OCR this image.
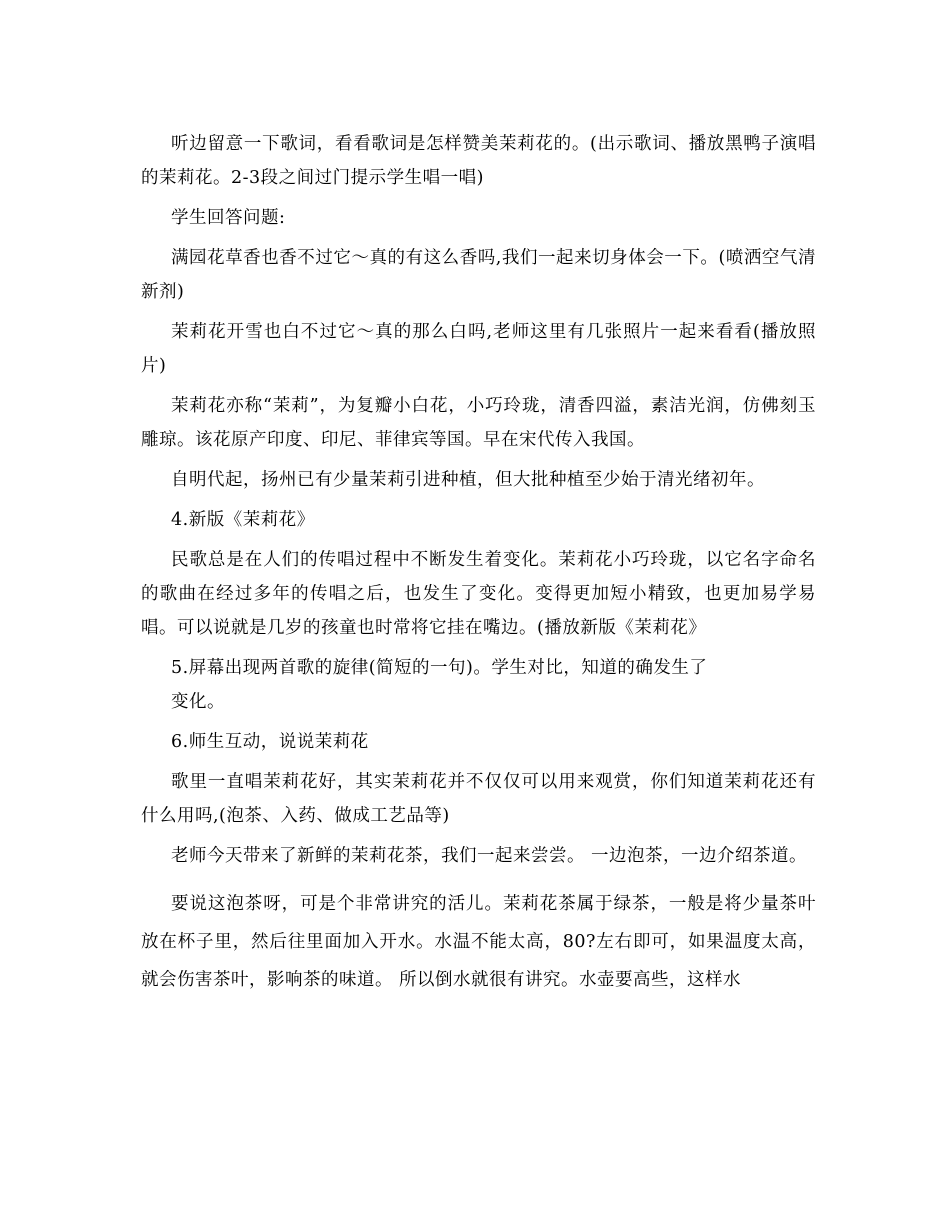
听边留意一下歌词，看看歌词是怎样赞美茉莉花的。(出示歌词、播放黑鸭子演唱的茉莉花。2-3段之间过门提示学生唱一唱)

学生回答问题:

满园花草香也香不过它～真的有这么香吗,我们一起来切身体会一下。(喷洒空气清新剂)

茉莉花开雪也白不过它～真的那么白吗,老师这里有几张照片一起来看看(播放照片)

茉莉花亦称“茉莉”，为复瓣小白花，小巧玲珑，清香四溢，素洁光润，仿佛刻玉雕琼。该花原产印度、印尼、菲律宾等国。早在宋代传入我国。

自明代起，扬州已有少量茉莉引进种植，但大批种植至少始于清光绪初年。

4.新版《茉莉花》

民歌总是在人们的传唱过程中不断发生着变化。茉莉花小巧玲珑，以它名字命名的歌曲在经过多年的传唱之后，也发生了变化。变得更加短小精致，也更加易学易唱。可以说就是几岁的孩童也时常将它挂在嘴边。(播放新版《茉莉花》

5.屏幕出现两首歌的旋律(简短的一句)。学生对比，知道的确发生了

变化。

6.师生互动，说说茉莉花

歌里一直唱茉莉花好，其实茉莉花并不仅仅可以用来观赏，你们知道茉莉花还有什么用吗,(泡茶、入药、做成工艺品等)

老师今天带来了新鲜的茉莉花茶，我们一起来尝尝。 一边泡茶，一边介绍茶道。

要说这泡茶呀，可是个非常讲究的活儿。茉莉花茶属于绿茶，一般是将少量茶叶放在杯子里，然后往里面加入开水。水温不能太高，80?左右即可，如果温度太高，就会伤害茶叶，影响茶的味道。 所以倒水就很有讲究。水壶要高些，这样水
